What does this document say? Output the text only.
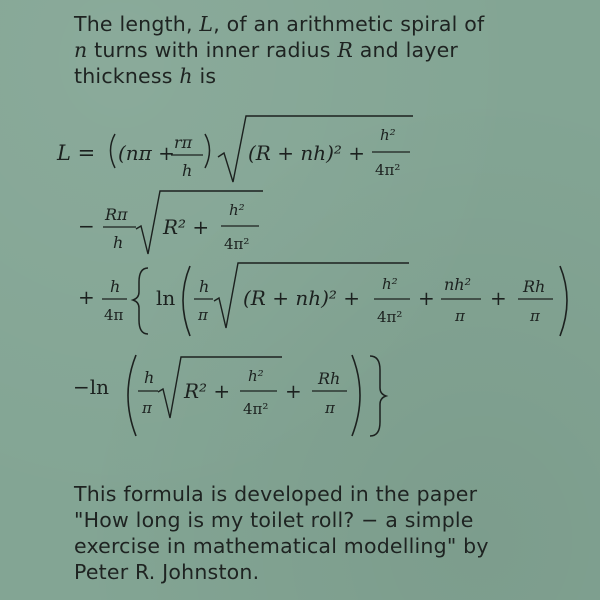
The length, L, of an arithmetic spiral of
n turns with inner radius R and layer
thickness h is
L = (nπ + rπ
h
(R + nh)² +
h²
4π²
− Rπ
h
R² +
h²
4π²
+ h
4π
ln h
π
(R + nh)² +
h²
4π²
+
nh²
π
+ Rh
π
−ln h
π
R² +
h²
4π²
+
Rh
π
This formula is developed in the paper
"How long is my toilet roll? − a simple
exercise in mathematical modelling" by
Peter R. Johnston.
